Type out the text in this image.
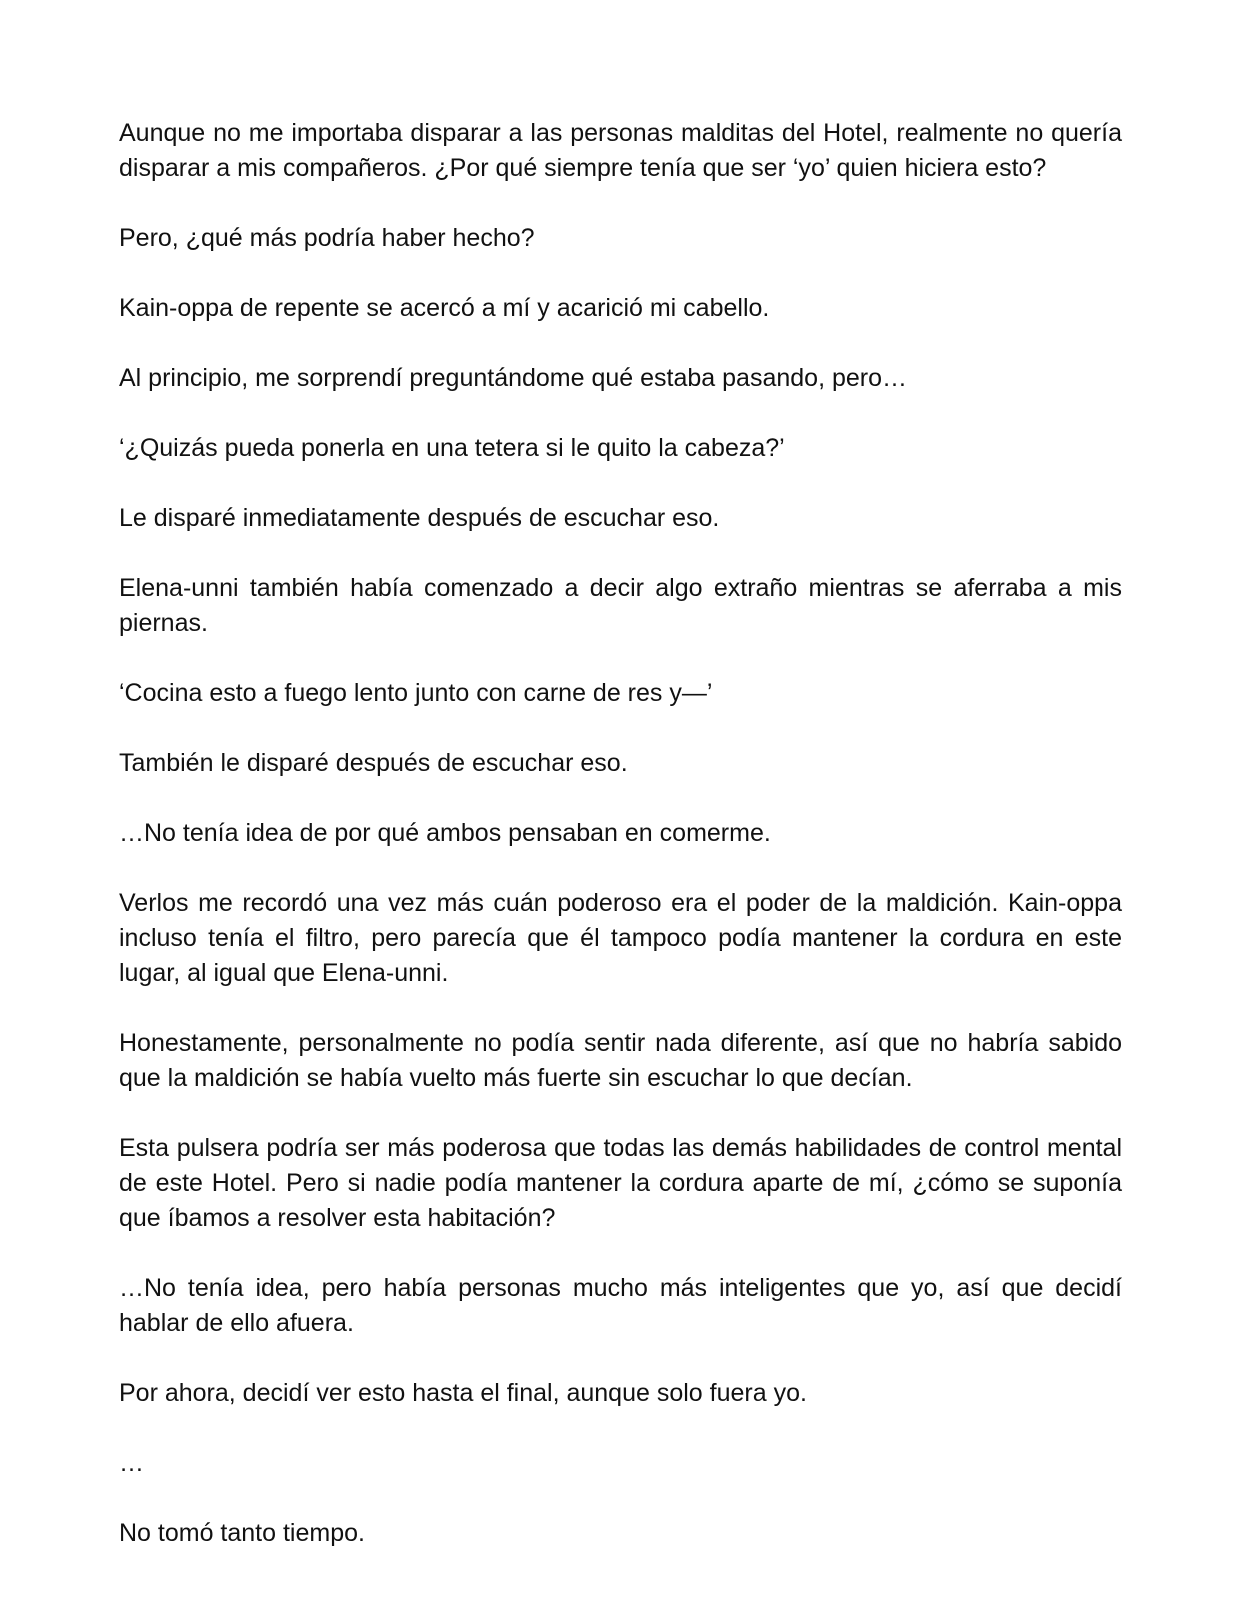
Aunque no me importaba disparar a las personas malditas del Hotel, realmente no quería disparar a mis compañeros. ¿Por qué siempre tenía que ser ‘yo’ quien hiciera esto?

Pero, ¿qué más podría haber hecho?

Kain-oppa de repente se acercó a mí y acarició mi cabello.

Al principio, me sorprendí preguntándome qué estaba pasando, pero…

‘¿Quizás pueda ponerla en una tetera si le quito la cabeza?’

Le disparé inmediatamente después de escuchar eso.

Elena-unni también había comenzado a decir algo extraño mientras se aferraba a mis piernas.

‘Cocina esto a fuego lento junto con carne de res y—’

También le disparé después de escuchar eso.

…No tenía idea de por qué ambos pensaban en comerme.

Verlos me recordó una vez más cuán poderoso era el poder de la maldición. Kain-oppa incluso tenía el filtro, pero parecía que él tampoco podía mantener la cordura en este lugar, al igual que Elena-unni.

Honestamente, personalmente no podía sentir nada diferente, así que no habría sabido que la maldición se había vuelto más fuerte sin escuchar lo que decían.

Esta pulsera podría ser más poderosa que todas las demás habilidades de control mental de este Hotel. Pero si nadie podía mantener la cordura aparte de mí, ¿cómo se suponía que íbamos a resolver esta habitación?

…No tenía idea, pero había personas mucho más inteligentes que yo, así que decidí hablar de ello afuera.

Por ahora, decidí ver esto hasta el final, aunque solo fuera yo.

…

No tomó tanto tiempo.
